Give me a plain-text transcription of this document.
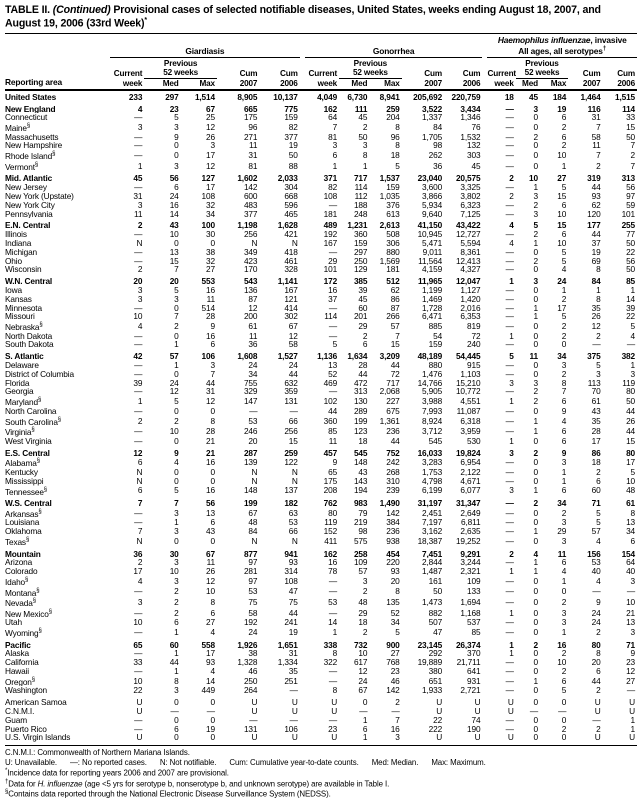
TABLE II. (Continued) Provisional cases of selected notifiable diseases, United States, weeks ending August 18, 2007, and August 19, 2006 (33rd Week)*
Reporting area	Giardiasis						Gonorrhea						Haemophilus influenzae, invasive
All ages, all serotypes†
		Previous						Previous						Previous			
	Current	52 weeks		Cum	Cum		Current	52 weeks		Cum	Cum		Current	52 weeks		Cum	Cum
	week	Med	Max	2007	2006		week	Med	Max	2007	2006		week	Med	Max	2007	2006
United States	233	297	1,514	8,905	10,137		4,049	6,730	8,941	205,692	220,759		18	45	184	1,464	1,515
New England	4	23	67	665	775		162	111	259	3,522	3,434		—	3	19	116	114
Connecticut	—	5	25	175	159		64	45	204	1,337	1,346		—	0	6	31	33
Maine§	3	3	12	96	82		7	2	8	84	76		—	0	2	7	15
Massachusetts	—	9	26	271	377		81	50	96	1,705	1,532		—	2	6	58	50
New Hampshire	—	0	3	11	19		3	3	8	98	132		—	0	2	11	7
Rhode Island§	—	0	17	31	50		6	8	18	262	303		—	0	10	7	2
Vermont§	1	3	12	81	88		1	1	5	36	45		—	0	1	2	7
Mid. Atlantic	45	56	127	1,602	2,033		371	717	1,537	23,040	20,575		2	10	27	319	313
New Jersey	—	6	17	142	304		82	114	159	3,600	3,325		—	1	5	44	56
New York (Upstate)	31	24	108	600	668		108	112	1,035	3,866	3,802		2	3	15	93	97
New York City	3	16	32	483	596		—	188	376	5,934	6,323		—	2	6	62	59
Pennsylvania	11	14	34	377	465		181	248	613	9,640	7,125		—	3	10	120	101
E.N. Central	2	43	100	1,198	1,628		489	1,231	2,613	41,150	43,422		4	5	15	177	255
Illinois	—	10	30	256	421		192	360	508	10,945	12,727		—	2	6	44	77
Indiana	N	0	0	N	N		167	159	306	5,471	5,594		4	1	10	37	50
Michigan	—	13	38	349	418		—	297	880	9,011	8,361		—	0	5	19	22
Ohio	—	15	32	423	461		29	250	1,569	11,564	12,413		—	2	5	69	56
Wisconsin	2	7	27	170	328		101	129	181	4,159	4,327		—	0	4	8	50
W.N. Central	20	20	553	543	1,141		172	385	512	11,965	12,047		1	3	24	84	85
Iowa	3	5	16	136	167		16	39	62	1,199	1,127		—	0	1	1	1
Kansas	3	3	11	87	121		37	45	86	1,469	1,420		—	0	2	8	14
Minnesota	—	0	514	12	414		—	60	87	1,728	2,016		—	1	17	35	39
Missouri	10	7	28	200	302		114	201	266	6,471	6,353		—	1	5	26	22
Nebraska§	4	2	9	61	67		—	29	57	885	819		—	0	2	12	5
North Dakota	—	0	16	11	12		—	2	7	54	72		1	0	2	2	4
South Dakota	—	1	6	36	58		5	6	15	159	240		—	0	0	—	—
S. Atlantic	42	57	106	1,608	1,527		1,136	1,634	3,209	48,189	54,445		5	11	34	375	382
Delaware	—	1	3	24	24		13	28	44	880	915		—	0	3	5	1
District of Columbia	—	0	7	34	44		52	44	72	1,476	1,103		—	0	2	3	3
Florida	39	24	44	755	632		469	472	717	14,766	15,210		3	3	8	113	119
Georgia	—	12	31	329	359		—	313	2,068	5,905	10,772		—	2	7	70	80
Maryland§	1	5	12	147	131		102	130	227	3,988	4,551		1	2	6	61	50
North Carolina	—	0	0	—	—		44	289	675	7,993	11,087		—	0	9	43	44
South Carolina§	2	2	8	53	66		360	199	1,361	8,924	6,318		—	1	4	35	26
Virginia§	—	10	28	246	256		85	123	236	3,712	3,959		—	1	6	28	44
West Virginia	—	0	21	20	15		11	18	44	545	530		1	0	6	17	15
E.S. Central	12	9	21	287	259		457	545	752	16,033	19,824		3	2	9	86	80
Alabama§	6	4	16	139	122		9	148	242	3,283	6,954		—	0	3	18	17
Kentucky	N	0	0	N	N		65	43	268	1,753	2,122		—	0	1	2	5
Mississippi	N	0	0	N	N		175	143	310	4,798	4,671		—	0	1	6	10
Tennessee§	6	5	16	148	137		208	194	239	6,199	6,077		3	1	6	60	48
W.S. Central	7	7	56	199	182		762	983	1,490	31,197	31,347		—	2	34	71	61
Arkansas§	—	3	13	67	63		80	79	142	2,451	2,649		—	0	2	5	8
Louisiana	—	1	6	48	53		119	219	384	7,197	6,811		—	0	3	5	13
Oklahoma	7	3	43	84	66		152	98	236	3,162	2,635		—	1	29	57	34
Texas§	N	0	0	N	N		411	575	938	18,387	19,252		—	0	3	4	6
Mountain	36	30	67	877	941		162	258	454	7,451	9,291		2	4	11	156	154
Arizona	2	3	11	97	93		16	109	220	2,844	3,244		—	1	6	53	64
Colorado	17	10	26	281	314		78	57	93	1,487	2,321		1	1	4	40	40
Idaho§	4	3	12	97	108		—	3	20	161	109		—	0	1	4	3
Montana§	—	2	10	53	47		—	2	8	50	133		—	0	0	—	—
Nevada§	3	2	8	75	75		53	48	135	1,473	1,694		—	0	2	9	10
New Mexico§	—	2	6	58	44		—	29	52	882	1,168		1	0	3	24	21
Utah	10	6	27	192	241		14	18	34	507	537		—	0	3	24	13
Wyoming§	—	1	4	24	19		1	2	5	47	85		—	0	1	2	3
Pacific	65	60	558	1,926	1,651		338	732	900	23,145	26,374		1	2	16	80	71
Alaska	—	1	17	38	31		8	10	27	292	370		1	0	2	8	9
California	33	44	93	1,328	1,334		322	617	768	19,889	21,711		—	0	10	20	23
Hawaii	—	1	4	46	35		—	12	23	380	641		—	0	2	6	12
Oregon§	10	8	14	250	251		—	24	46	651	931		—	1	6	44	27
Washington	22	3	449	264	—		8	67	142	1,933	2,721		—	0	5	2	—
American Samoa	U	0	0	U	U		U	0	2	U	U		U	0	0	U	U
C.N.M.I.	U	—	—	U	U		U	—	—	U	U		U	—	—	U	U
Guam	—	0	0	—	—		—	1	7	22	74		—	0	0	—	1
Puerto Rico	—	6	19	131	106		23	6	16	222	190		—	0	2	2	1
U.S. Virgin Islands	U	0	0	U	U		U	1	3	U	U		U	0	0	U	U
C.N.M.I.: Commonwealth of Northern Mariana Islands.
U: Unavailable. —: No reported cases. N: Not notifiable. Cum: Cumulative year-to-date counts. Med: Median. Max: Maximum.
*Incidence data for reporting years 2006 and 2007 are provisional.
†Data for H. influenzae (age <5 yrs for serotype b, nonserotype b, and unknown serotype) are available in Table I.
§Contains data reported through the National Electronic Disease Surveillance System (NEDSS).
